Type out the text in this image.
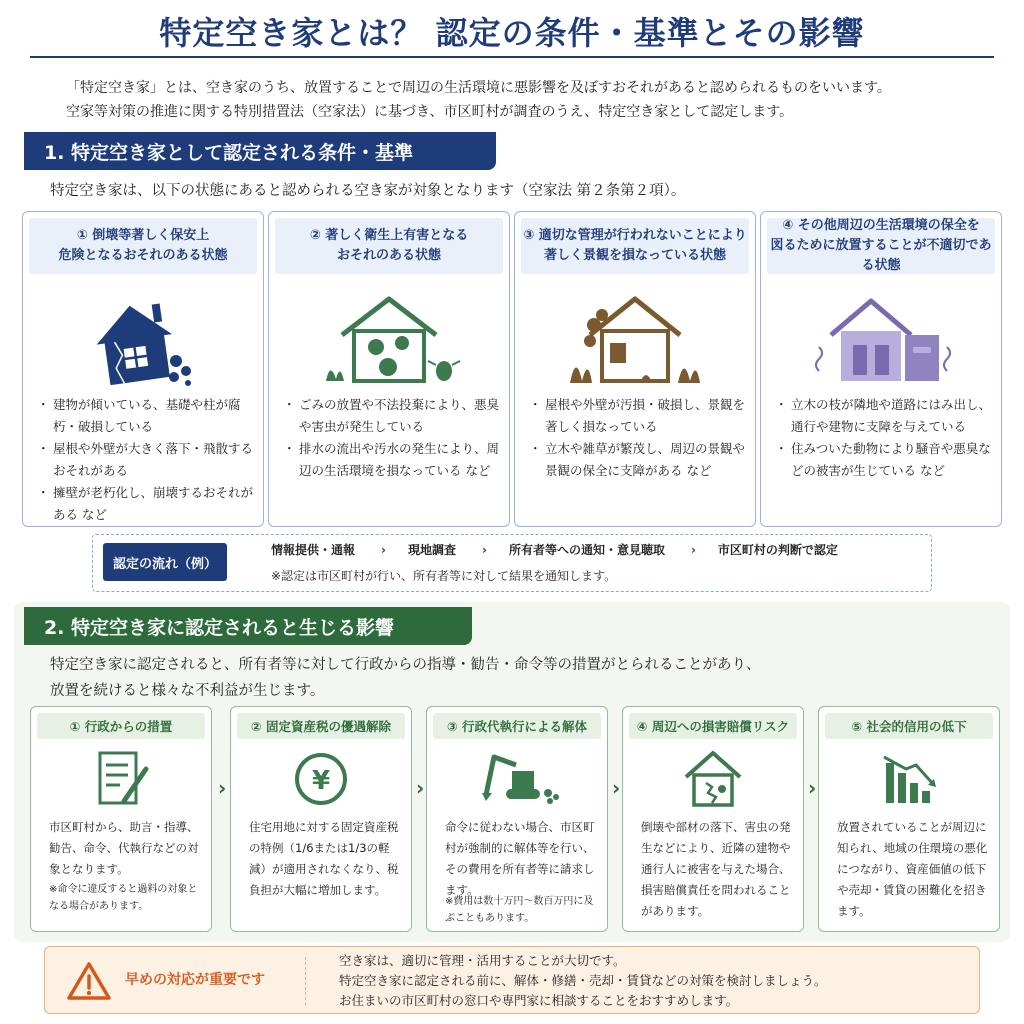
特定空き家とは？ 認定の条件・基準とその影響
「特定空き家」とは、空き家のうち、放置することで周辺の生活環境に悪影響を及ぼすおそれがあると認められるものをいいます。
空家等対策の推進に関する特別措置法（空家法）に基づき、市区町村が調査のうえ、特定空き家として認定します。
1. 特定空き家として認定される条件・基準
特定空き家は、以下の状態にあると認められる空き家が対象となります（空家法 第２条第２項）。
① 倒壊等著しく保安上
危険となるおそれのある状態
・ 建物が傾いている、基礎や柱が腐朽・破損している
・ 屋根や外壁が大きく落下・飛散するおそれがある
・ 擁壁が老朽化し、崩壊するおそれがある など
② 著しく衛生上有害となる
おそれのある状態
・ ごみの放置や不法投棄により、悪臭や害虫が発生している
・ 排水の流出や汚水の発生により、周辺の生活環境を損なっている など
③ 適切な管理が行われないことにより
著しく景観を損なっている状態
・ 屋根や外壁が汚損・破損し、景観を著しく損なっている
・ 立木や雑草が繁茂し、周辺の景観や景観の保全に支障がある など
④ その他周辺の生活環境の保全を
図るために放置することが不適切である状態
・ 立木の枝が隣地や道路にはみ出し、通行や建物に支障を与えている
・ 住みついた動物により騒音や悪臭などの被害が生じている など
認定の流れ（例）
情報提供・通報 › 現地調査 › 所有者等への通知・意見聴取 › 市区町村の判断で認定
※認定は市区町村が行い、所有者等に対して結果を通知します。
2. 特定空き家に認定されると生じる影響
特定空き家に認定されると、所有者等に対して行政からの指導・勧告・命令等の措置がとられることがあり、
放置を続けると様々な不利益が生じます。
① 行政からの措置
市区町村から、助言・指導、勧告、命令、代執行などの対象となります。
※命令に違反すると過料の対象となる場合があります。
›
② 固定資産税の優遇解除
¥
住宅用地に対する固定資産税の特例（1/6または1/3の軽減）が適用されなくなり、税負担が大幅に増加します。
›
③ 行政代執行による解体
命令に従わない場合、市区町村が強制的に解体等を行い、その費用を所有者等に請求します。
※費用は数十万円〜数百万円に及ぶこともあります。
›
④ 周辺への損害賠償リスク
倒壊や部材の落下、害虫の発生などにより、近隣の建物や通行人に被害を与えた場合、損害賠償責任を問われることがあります。
›
⑤ 社会的信用の低下
放置されていることが周辺に知られ、地域の住環境の悪化につながり、資産価値の低下や売却・賃貸の困難化を招きます。
早めの対応が重要です
空き家は、適切に管理・活用することが大切です。
特定空き家に認定される前に、解体・修繕・売却・賃貸などの対策を検討しましょう。
お住まいの市区町村の窓口や専門家に相談することをおすすめします。
